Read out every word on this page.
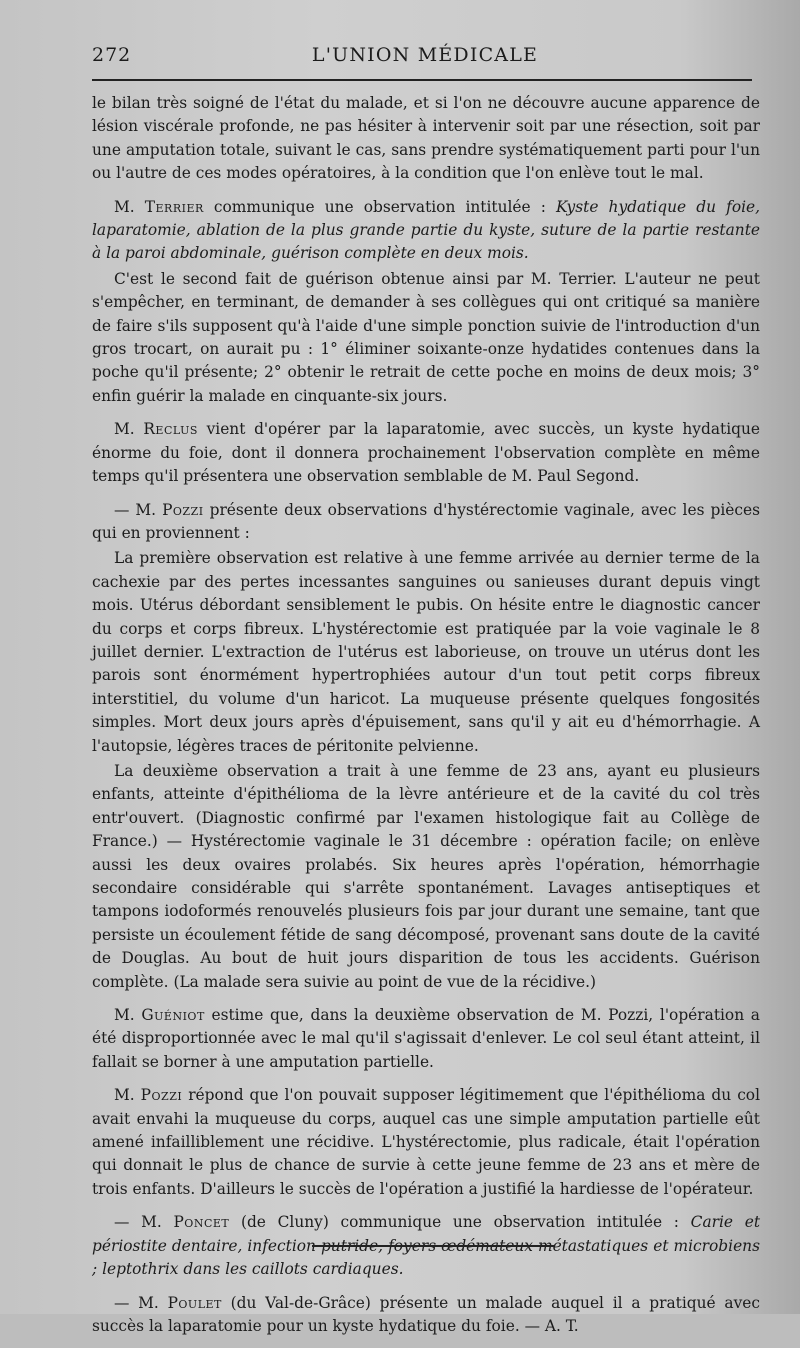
272	L'UNION MÉDICALE

le bilan très soigné de l'état du malade, et si l'on ne découvre aucune apparence de lésion viscérale profonde, ne pas hésiter à intervenir soit par une résection, soit par une amputation totale, suivant le cas, sans prendre systématiquement parti pour l'un ou l'autre de ces modes opératoires, à la condition que l'on enlève tout le mal.

M. Terrier communique une observation intitulée : Kyste hydatique du foie, laparatomie, ablation de la plus grande partie du kyste, suture de la partie restante à la paroi abdominale, guérison complète en deux mois.

C'est le second fait de guérison obtenue ainsi par M. Terrier. L'auteur ne peut s'empêcher, en terminant, de demander à ses collègues qui ont critiqué sa manière de faire s'ils supposent qu'à l'aide d'une simple ponction suivie de l'introduction d'un gros trocart, on aurait pu : 1° éliminer soixante-onze hydatides contenues dans la poche qu'il présente; 2° obtenir le retrait de cette poche en moins de deux mois; 3° enfin guérir la malade en cinquante-six jours.

M. Reclus vient d'opérer par la laparatomie, avec succès, un kyste hydatique énorme du foie, dont il donnera prochainement l'observation complète en même temps qu'il présentera une observation semblable de M. Paul Segond.

— M. Pozzi présente deux observations d'hystérectomie vaginale, avec les pièces qui en proviennent :

La première observation est relative à une femme arrivée au dernier terme de la cachexie par des pertes incessantes sanguines ou sanieuses durant depuis vingt mois. Utérus débordant sensiblement le pubis. On hésite entre le diagnostic cancer du corps et corps fibreux. L'hystérectomie est pratiquée par la voie vaginale le 8 juillet dernier. L'extraction de l'utérus est laborieuse, on trouve un utérus dont les parois sont énormément hypertrophiées autour d'un tout petit corps fibreux interstitiel, du volume d'un haricot. La muqueuse présente quelques fongosités simples. Mort deux jours après d'épuisement, sans qu'il y ait eu d'hémorrhagie. A l'autopsie, légères traces de péritonite pelvienne.

La deuxième observation a trait à une femme de 23 ans, ayant eu plusieurs enfants, atteinte d'épithélioma de la lèvre antérieure et de la cavité du col très entr'ouvert. (Diagnostic confirmé par l'examen histologique fait au Collège de France.) — Hystérectomie vaginale le 31 décembre : opération facile; on enlève aussi les deux ovaires prolabés. Six heures après l'opération, hémorrhagie secondaire considérable qui s'arrête spontanément. Lavages antiseptiques et tampons iodoformés renouvelés plusieurs fois par jour durant une semaine, tant que persiste un écoulement fétide de sang décomposé, provenant sans doute de la cavité de Douglas. Au bout de huit jours disparition de tous les accidents. Guérison complète. (La malade sera suivie au point de vue de la récidive.)

M. Guéniot estime que, dans la deuxième observation de M. Pozzi, l'opération a été disproportionnée avec le mal qu'il s'agissait d'enlever. Le col seul étant atteint, il fallait se borner à une amputation partielle.

M. Pozzi répond que l'on pouvait supposer légitimement que l'épithélioma du col avait envahi la muqueuse du corps, auquel cas une simple amputation partielle eût amené infailliblement une récidive. L'hystérectomie, plus radicale, était l'opération qui donnait le plus de chance de survie à cette jeune femme de 23 ans et mère de trois enfants. D'ailleurs le succès de l'opération a justifié la hardiesse de l'opérateur.

— M. Poncet (de Cluny) communique une observation intitulée : Carie et périostite dentaire, infection putride, foyers œdémateux métastatiques et microbiens ; leptothrix dans les caillots cardiaques.

— M. Poulet (du Val-de-Grâce) présente un malade auquel il a pratiqué avec succès la laparatomie pour un kyste hydatique du foie. — A. T.
